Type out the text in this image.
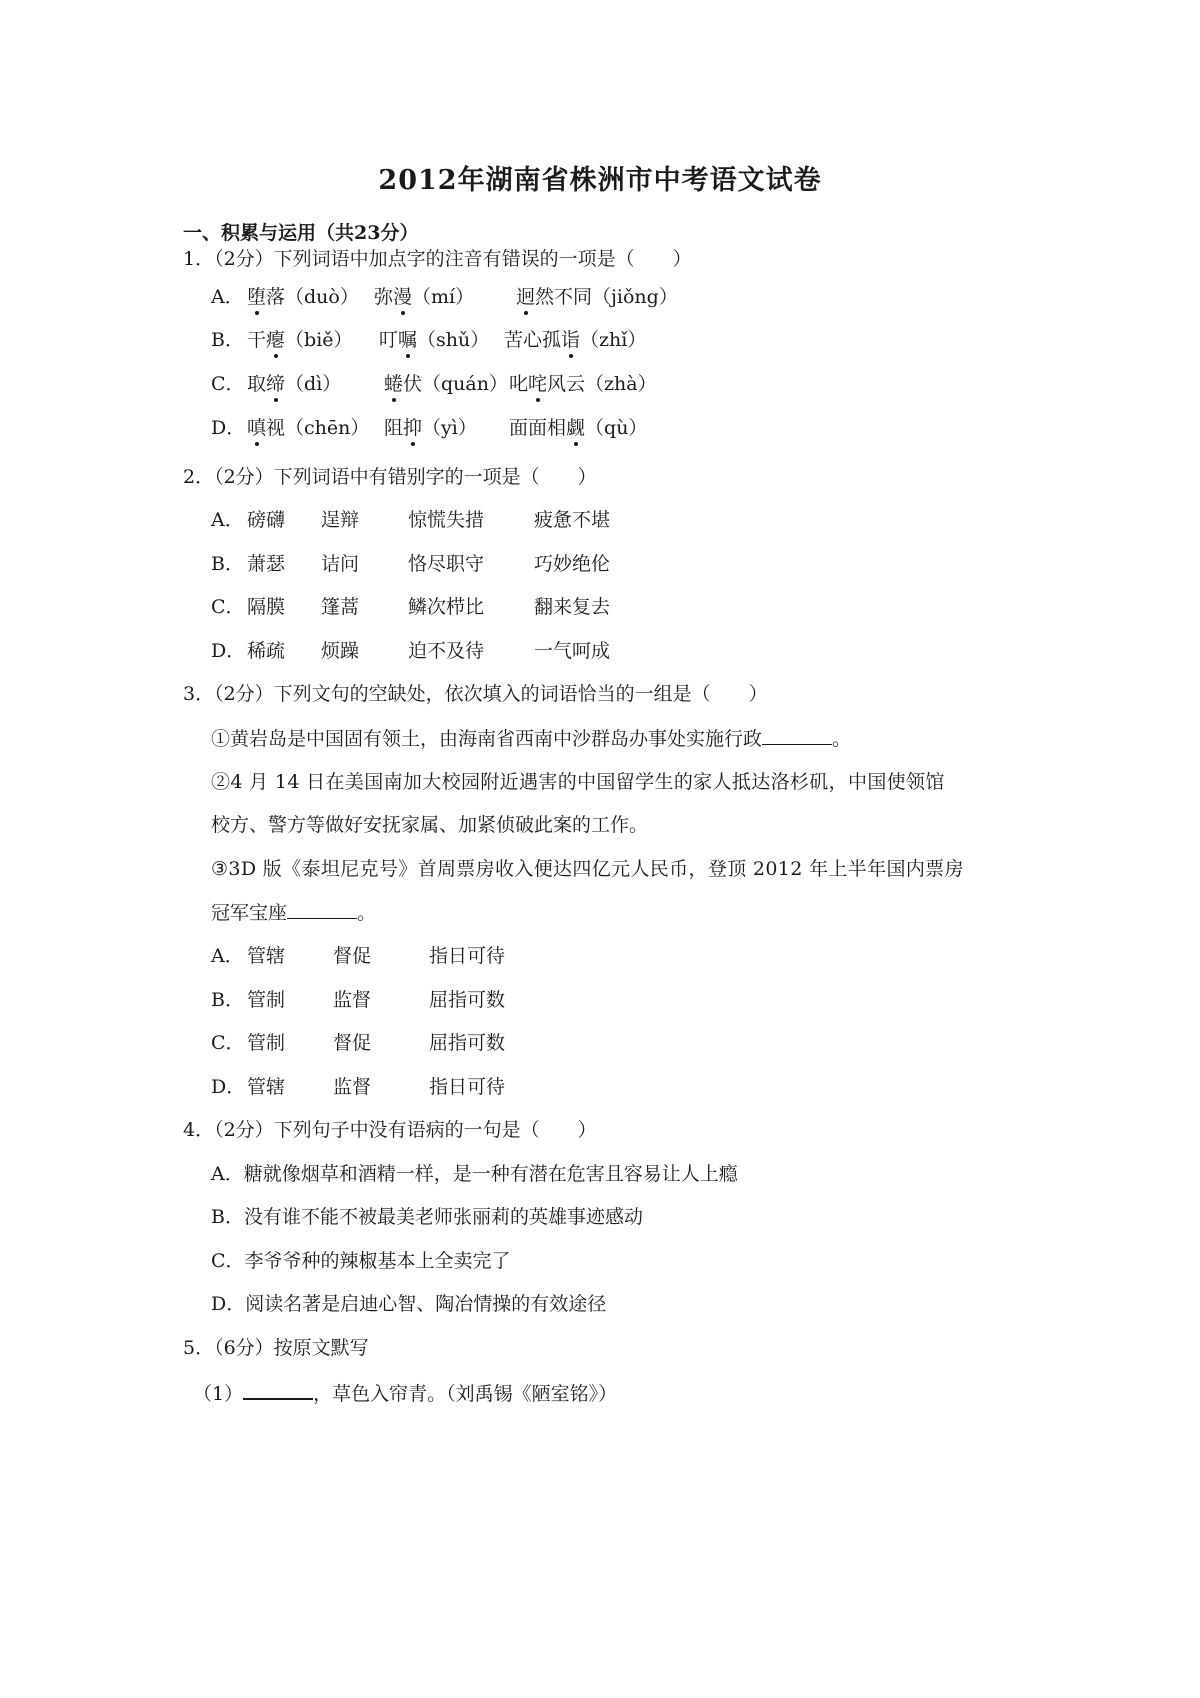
2012年湖南省株洲市中考语文试卷
一、积累与运用（共23分）
1．（2分）下列词语中加点字的注音有错误的一项是（　　）
A． 堕落（duò） 弥漫（mí） 迥然不同（jiǒng）
B． 干瘪（biě） 叮嘱（shǔ） 苦心孤诣（zhǐ）
C． 取缔（dì） 蜷伏（quán） 叱咤风云（zhà）
D． 嗔视（chēn） 阻抑（yì） 面面相觑（qù）
2．（2分）下列词语中有错别字的一项是（　　）
A． 磅礴 逞辩	惊慌失措	疲惫不堪
B． 萧瑟 诘问	恪尽职守	巧妙绝伦
C． 隔膜 篷蒿	鳞次栉比	翻来复去
D． 稀疏 烦躁	迫不及待	一气呵成
3．（2分）下列文句的空缺处，依次填入的词语恰当的一组是（　　）
①黄岩岛是中国固有领土，由海南省西南中沙群岛办事处实施行政	。
②4 月 14 日在美国南加大校园附近遇害的中国留学生的家人抵达洛杉矶，中国使领馆
校方、警方等做好安抚家属、加紧侦破此案的工作。
③3D 版《泰坦尼克号》首周票房收入便达四亿元人民币，登顶 2012 年上半年国内票房
冠军宝座	。
A． 管辖	督促	指日可待
B． 管制	监督	屈指可数
C． 管制	督促	屈指可数
D． 管辖	监督	指日可待
4．（2分）下列句子中没有语病的一句是（　　）
A．糖就像烟草和酒精一样，是一种有潜在危害且容易让人上瘾
B．没有谁不能不被最美老师张丽莉的英雄事迹感动
C．李爷爷种的辣椒基本上全卖完了
D．阅读名著是启迪心智、陶冶情操的有效途径
5．（6分）按原文默写
（1）	，草色入帘青。（刘禹锡《陋室铭》）
